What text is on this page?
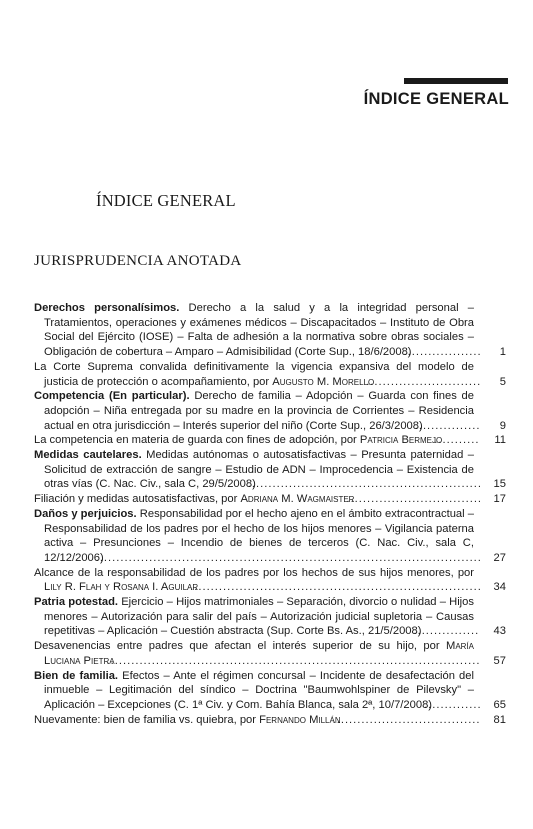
ÍNDICE GENERAL
ÍNDICE GENERAL
JURISPRUDENCIA ANOTADA
Derechos personalísimos. Derecho a la salud y a la integridad personal – Tratamientos, operaciones y exámenes médicos – Discapacitados – Instituto de Obra Social del Ejército (IOSE) – Falta de adhesión a la normativa sobre obras sociales – Obligación de cobertura – Amparo – Admisibilidad (Corte Sup., 18/6/2008) .....	1
La Corte Suprema convalida definitivamente la vigencia expansiva del modelo de justicia de protección o acompañamiento, por Augusto M. Morello .....	5
Competencia (En particular). Derecho de familia – Adopción – Guarda con fines de adopción – Niña entregada por su madre en la provincia de Corrientes – Residencia actual en otra jurisdicción – Interés superior del niño (Corte Sup., 26/3/2008) .....	9
La competencia en materia de guarda con fines de adopción, por Patricia Bermejo .....	11
Medidas cautelares. Medidas autónomas o autosatisfactivas – Presunta paternidad – Solicitud de extracción de sangre – Estudio de ADN – Improcedencia – Existencia de otras vías (C. Nac. Civ., sala C, 29/5/2008) .....	15
Filiación y medidas autosatisfactivas, por Adriana M. Wagmaister .....	17
Daños y perjuicios. Responsabilidad por el hecho ajeno en el ámbito extracontractual – Responsabilidad de los padres por el hecho de los hijos menores – Vigilancia paterna activa – Presunciones – Incendio de bienes de terceros (C. Nac. Civ., sala C, 12/12/2006) .....	27
Alcance de la responsabilidad de los padres por los hechos de sus hijos menores, por Lily R. Flah y Rosana I. Aguilar .....	34
Patria potestad. Ejercicio – Hijos matrimoniales – Separación, divorcio o nulidad – Hijos menores – Autorización para salir del país – Autorización judicial supletoria – Causas repetitivas – Aplicación – Cuestión abstracta (Sup. Corte Bs. As., 21/5/2008) .....	43
Desavenencias entre padres que afectan el interés superior de su hijo, por María Luciana Pietra .....	57
Bien de familia. Efectos – Ante el régimen concursal – Incidente de desafectación del inmueble – Legitimación del síndico – Doctrina "Baumwohlspiner de Pilevsky" – Aplicación – Excepciones (C. 1ª Civ. y Com. Bahía Blanca, sala 2ª, 10/7/2008) .....	65
Nuevamente: bien de familia vs. quiebra, por Fernando Millán .....	81
